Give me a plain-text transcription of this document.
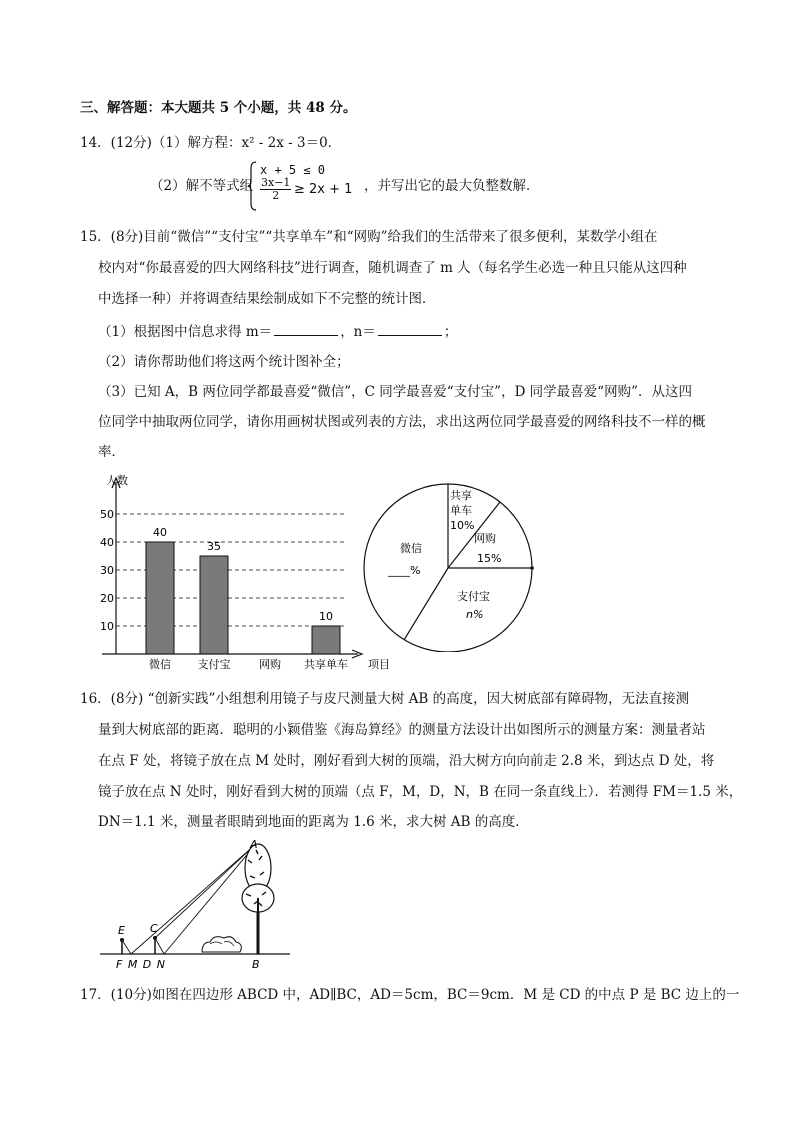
三、解答题：本大题共 5 个小题，共 48 分。
14．(12分)（1）解方程：x² - 2x - 3＝0．
（2）解不等式组
x + 5 ≤ 0
$\frac{3x-1}{2} \ge 2x + 1$ ，并写出它的最大负整数解．
15．(8分)目前“微信”“支付宝”“共享单车”和“网购”给我们的生活带来了很多便利，某数学小组在
校内对“你最喜爱的四大网络科技”进行调查，随机调查了 m 人（每名学生必选一种且只能从这四种
中选择一种）并将调查结果绘制成如下不完整的统计图．
（1）根据图中信息求得 m＝	，n＝	；
（2）请你帮助他们将这两个统计图补全；
（3）已知 A，B 两位同学都最喜爱“微信”，C 同学最喜爱“支付宝”，D 同学最喜爱“网购”．从这四
位同学中抽取两位同学，请你用画树状图或列表的方法，求出这两位同学最喜爱的网络科技不一样的概
率．
人数
项目
10
20
30
40
50
40
35
10
微信 支付宝	网购 共享单车
共享
单车
10%
网购
15%
支付宝
n%
微信
____%
16．(8分) “创新实践”小组想利用镜子与皮尺测量大树 AB 的高度，因大树底部有障碍物，无法直接测
量到大树底部的距离．聪明的小颖借鉴《海岛算经》的测量方法设计出如图所示的测量方案：测量者站
在点 F 处，将镜子放在点 M 处时，刚好看到大树的顶端，沿大树方向向前走 2.8 米，到达点 D 处，将
镜子放在点 N 处时，刚好看到大树的顶端（点 F，M，D，N，B 在同一条直线上）．若测得 FM＝1.5 米，
DN＝1.1 米，测量者眼睛到地面的距离为 1.6 米，求大树 AB 的高度．
A
B
E C
F M D N
17．(10分)如图在四边形 ABCD 中，AD∥BC，AD＝5cm，BC＝9cm．M 是 CD 的中点 P 是 BC 边上的一
